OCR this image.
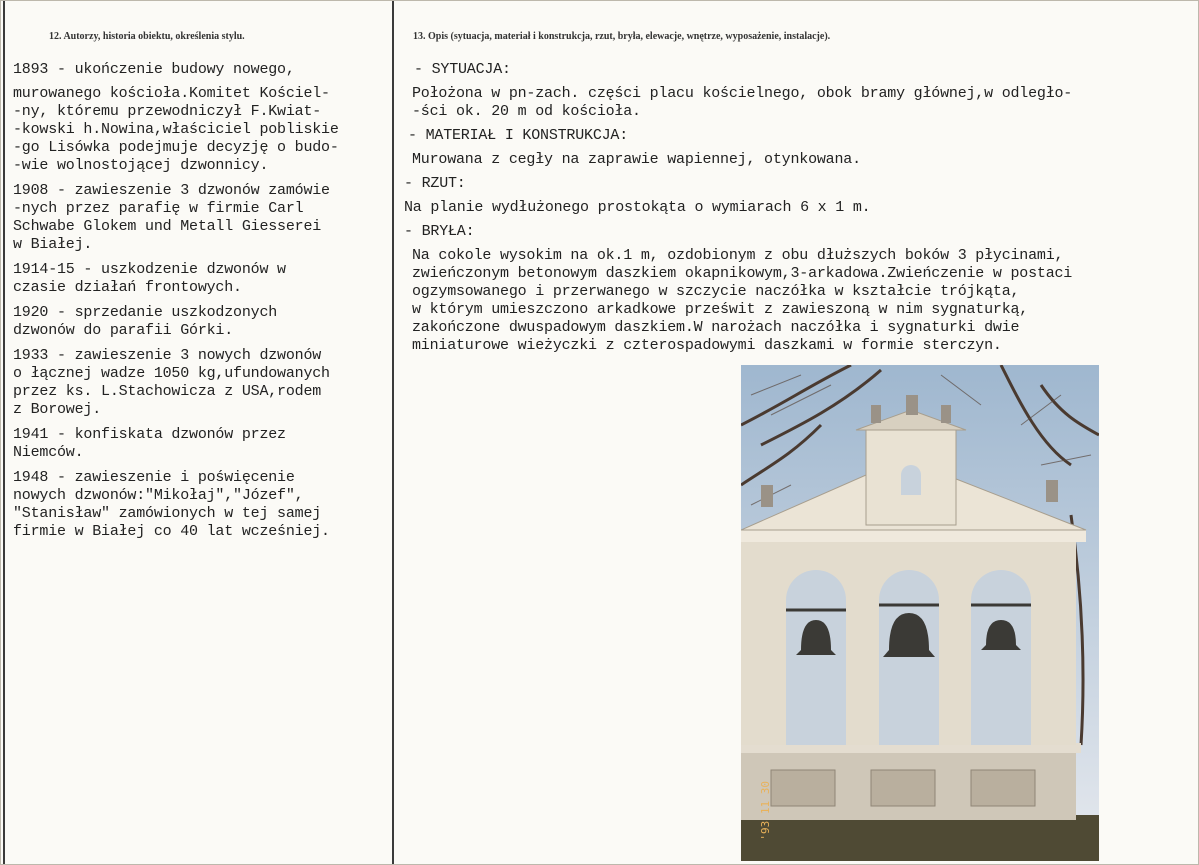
12. Autorzy, historia obiektu, określenia stylu.	13. Opis (sytuacja, materiał i konstrukcja, rzut, bryła, elewacje, wnętrze, wyposażenie, instalacje).
1893 - ukończenie budowy nowego,
murowanego kościoła.Komitet Kościel-
-ny, któremu przewodniczył F.Kwiat-
-kowski h.Nowina,właściciel pobliskie
-go Lisówka podejmuje decyzję o budo-
-wie wolnostojącej dzwonnicy.
1908 - zawieszenie 3 dzwonów zamówie
-nych przez parafię w firmie Carl
Schwabe Glokem und Metall Giesserei
w Białej.
1914-15 - uszkodzenie dzwonów w
czasie działań frontowych.
1920 - sprzedanie uszkodzonych
dzwonów do parafii Górki.
1933 - zawieszenie 3 nowych dzwonów
o łącznej wadze 1050 kg,ufundowanych
przez ks. L.Stachowicza z USA,rodem
z Borowej.
1941 - konfiskata dzwonów przez
Niemców.
1948 - zawieszenie i poświęcenie
nowych dzwonów:"Mikołaj","Józef",
"Stanisław" zamówionych w tej samej
firmie w Białej co 40 lat wcześniej.
- SYTUACJA:
Położona w pn-zach. części placu kościelnego, obok bramy głównej,w odległo-
-ści ok. 20 m od kościoła.
- MATERIAŁ I KONSTRUKCJA:
Murowana z cegły na zaprawie wapiennej, otynkowana.
- RZUT:
Na planie wydłużonego prostokąta o wymiarach 6 x 1 m.
- BRYŁA:
Na cokole wysokim na ok.1 m, ozdobionym z obu dłuższych boków 3 płycinami,
zwieńczonym betonowym daszkiem okapnikowym,3-arkadowa.Zwieńczenie w postaci
ogzymsowanego i przerwanego w szczycie naczółka w kształcie trójkąta,
w którym umieszczono arkadkowe prześwit z zawieszoną w nim sygnaturką,
zakończone dwuspadowym daszkiem.W narożach naczółka i sygnaturki dwie
miniaturowe wieżyczki z czterospadowymi daszkami w formie sterczyn.
'93 11 30
